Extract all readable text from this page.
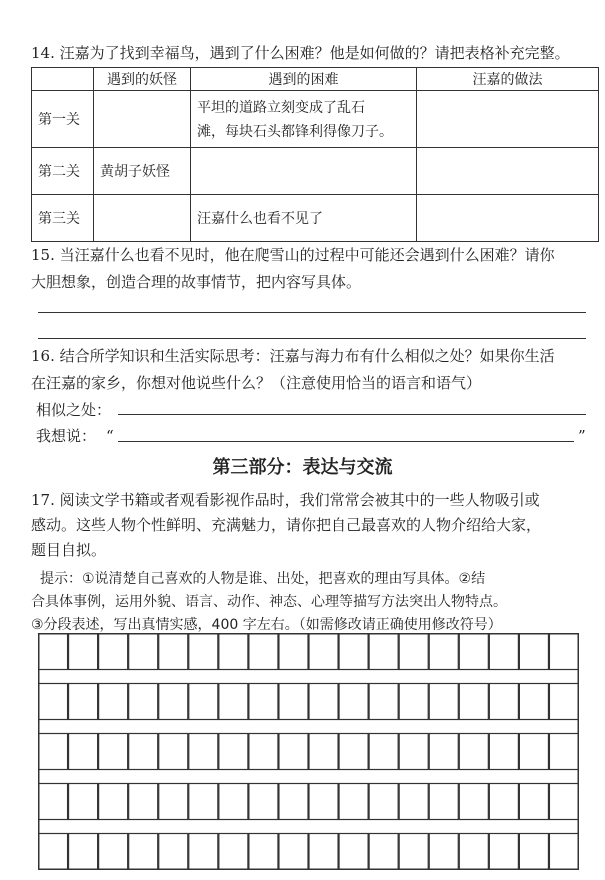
14. 汪嘉为了找到幸福鸟，遇到了什么困难？他是如何做的？请把表格补充完整。
	遇到的妖怪	遇到的困难	汪嘉的做法
第一关		平坦的道路立刻变成了乱石
滩，每块石头都锋利得像刀子。	

第二关	黄胡子妖怪		
第三关		汪嘉什么也看不见了	
15. 当汪嘉什么也看不见时，他在爬雪山的过程中可能还会遇到什么困难？请你
大胆想象，创造合理的故事情节，把内容写具体。
16. 结合所学知识和生活实际思考：汪嘉与海力布有什么相似之处？如果你生活
在汪嘉的家乡，你想对他说些什么？（注意使用恰当的语言和语气）
相似之处：
我想说： “	”
第三部分：表达与交流
17. 阅读文学书籍或者观看影视作品时，我们常常会被其中的一些人物吸引或
感动。这些人物个性鲜明、充满魅力，请你把自己最喜欢的人物介绍给大家，
题目自拟。
提示：①说清楚自己喜欢的人物是谁、出处，把喜欢的理由写具体。②结
合具体事例，运用外貌、语言、动作、神态、心理等描写方法突出人物特点。
③分段表述，写出真情实感，400 字左右。（如需修改请正确使用修改符号）
